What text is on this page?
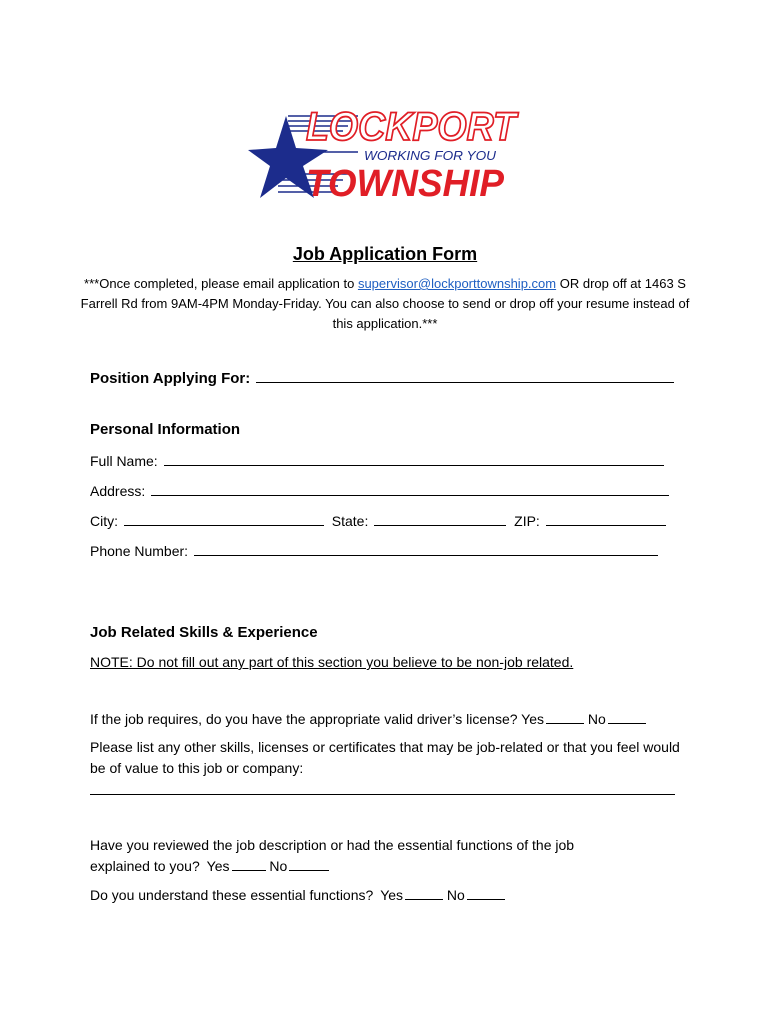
LOCKPORT
WORKING FOR YOU
TOWNSHIP
Job Application Form
***Once completed, please email application to supervisor@lockporttownship.com OR drop off at 1463 S Farrell Rd from 9AM-4PM Monday-Friday. You can also choose to send or drop off your resume instead of this application.***
Position Applying For:
Personal Information
Full Name:
Address:
City:	State:	ZIP:
Phone Number:
Job Related Skills & Experience
NOTE: Do not fill out any part of this section you believe to be non-job related.
If the job requires, do you have the appropriate valid driver’s license? Yes	No
Please list any other skills, licenses or certificates that may be job-related or that you feel would be of value to this job or company:
Have you reviewed the job description or had the essential functions of the job explained to you? Yes	No
Do you understand these essential functions? Yes	No
